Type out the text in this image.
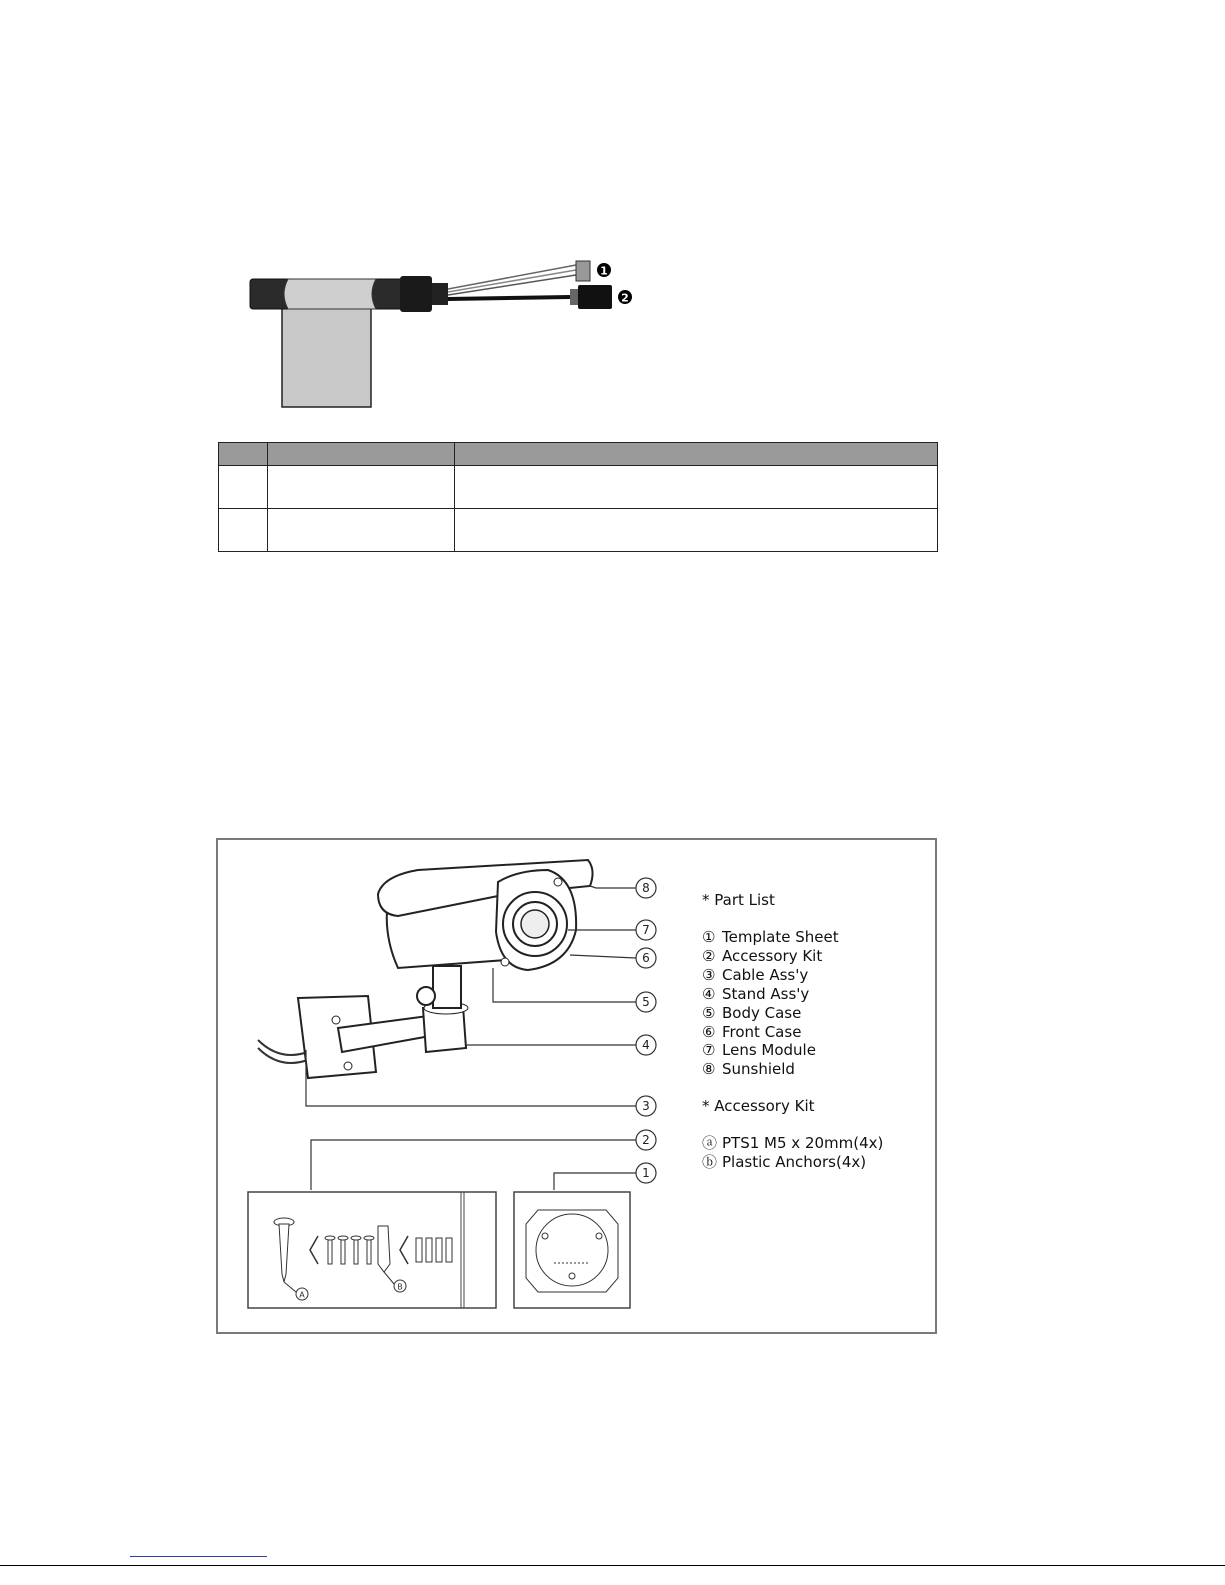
1
2

8
7
6
5
4
3
2
1
A
B
* Part List
① Template Sheet
② Accessory Kit
③ Cable Ass'y
④ Stand Ass'y
⑤ Body Case
⑥ Front Case
⑦ Lens Module
⑧ Sunshield
* Accessory Kit
ⓐ PTS1 M5 x 20mm(4x)
ⓑ Plastic Anchors(4x)
